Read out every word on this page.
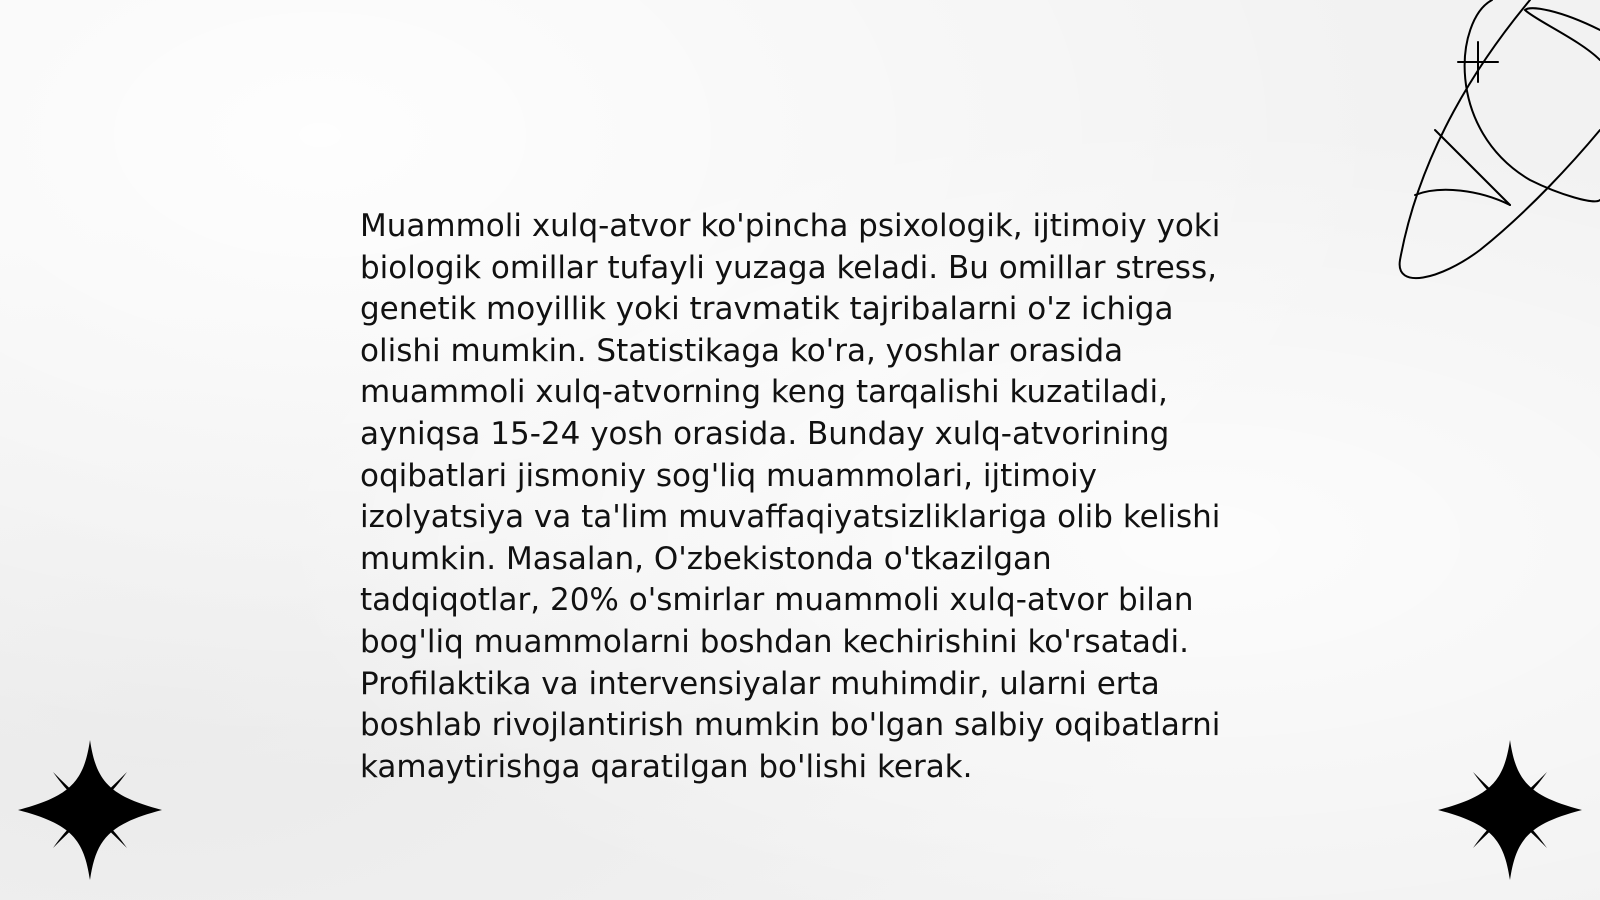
Muammoli xulq-atvor ko'pincha psixologik, ijtimoiy yoki biologik omillar tufayli yuzaga keladi. Bu omillar stress, genetik moyillik yoki travmatik tajribalarni o'z ichiga olishi mumkin. Statistikaga ko'ra, yoshlar orasida muammoli xulq-atvorning keng tarqalishi kuzatiladi, ayniqsa 15-24 yosh orasida. Bunday xulq-atvorining oqibatlari jismoniy sog'liq muammolari, ijtimoiy izolyatsiya va ta'lim muvaffaqiyatsizliklariga olib kelishi mumkin. Masalan, O'zbekistonda o'tkazilgan tadqiqotlar, 20% o'smirlar muammoli xulq-atvor bilan bog'liq muammolarni boshdan kechirishini ko'rsatadi. Profilaktika va intervensiyalar muhimdir, ularni erta boshlab rivojlantirish mumkin bo'lgan salbiy oqibatlarni kamaytirishga qaratilgan bo'lishi kerak.
